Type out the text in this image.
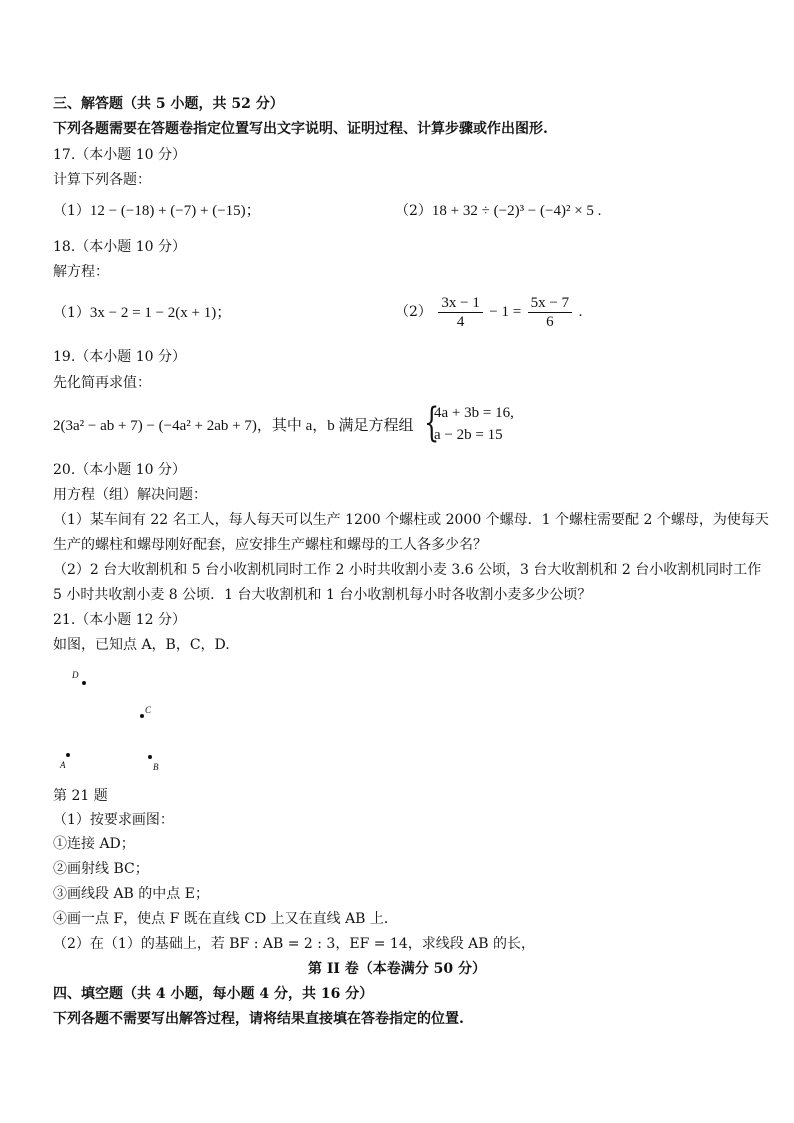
三、解答题（共 5 小题，共 52 分）
下列各题需要在答题卷指定位置写出文字说明、证明过程、计算步骤或作出图形.
17.（本小题 10 分）
计算下列各题：
（1）12 − (−18) + (−7) + (−15)；	（2）18 + 32 ÷ (−2)³ − (−4)² × 5 .
18.（本小题 10 分）
解方程：
（1）3x − 2 = 1 − 2(x + 1)；	$(2) \frac{3x - 1}{4} - 1 = \frac{5x - 7}{6}$ .
19.（本小题 10 分）
先化简再求值：
2(3a² − ab + 7) − (−4a² + 2ab + 7)，其中 a，b 满足方程组 {
4a + 3b = 16,
a − 2b = 15
20.（本小题 10 分）
用方程（组）解决问题：
（1）某车间有 22 名工人，每人每天可以生产 1200 个螺柱或 2000 个螺母．1 个螺柱需要配 2 个螺母，为使每天
生产的螺柱和螺母刚好配套，应安排生产螺柱和螺母的工人各多少名？
（2）2 台大收割机和 5 台小收割机同时工作 2 小时共收割小麦 3.6 公顷，3 台大收割机和 2 台小收割机同时工作
5 小时共收割小麦 8 公顷．1 台大收割机和 1 台小收割机每小时各收割小麦多少公顷？
21.（本小题 12 分）
如图，已知点 A，B，C，D.
D
C
A	B
第 21 题
（1）按要求画图：
①连接 AD；
②画射线 BC；
③画线段 AB 的中点 E；
④画一点 F，使点 F 既在直线 CD 上又在直线 AB 上．
（2）在（1）的基础上，若 BF : AB = 2 : 3，EF = 14，求线段 AB 的长，
第 II 卷（本卷满分 50 分）
四、填空题（共 4 小题，每小题 4 分，共 16 分）
下列各题不需要写出解答过程，请将结果直接填在答卷指定的位置.
